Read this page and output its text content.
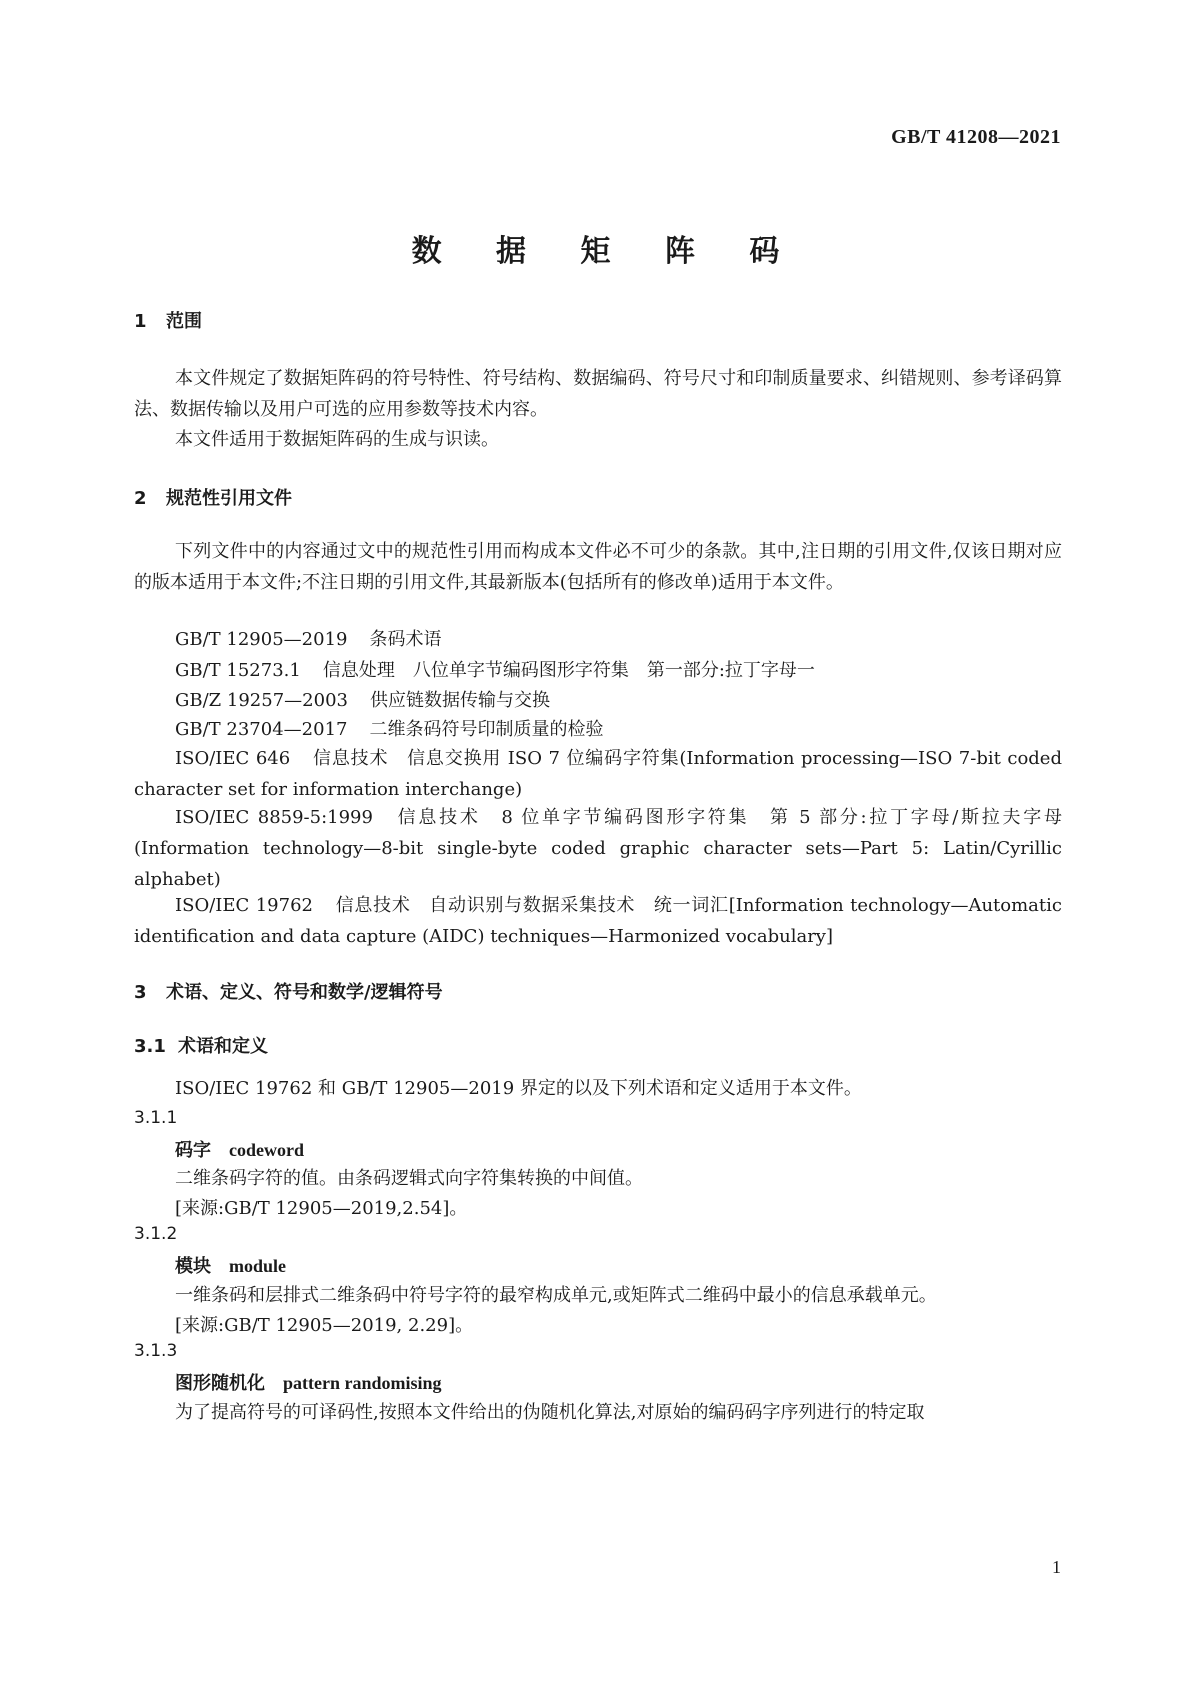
GB/T 41208—2021
数 据 矩 阵 码
1 范围
本文件规定了数据矩阵码的符号特性、符号结构、数据编码、符号尺寸和印制质量要求、纠错规则、参考译码算法、数据传输以及用户可选的应用参数等技术内容。
本文件适用于数据矩阵码的生成与识读。
2 规范性引用文件
下列文件中的内容通过文中的规范性引用而构成本文件必不可少的条款。其中,注日期的引用文件,仅该日期对应的版本适用于本文件;不注日期的引用文件,其最新版本(包括所有的修改单)适用于本文件。
GB/T 12905—2019 条码术语
GB/T 15273.1 信息处理　八位单字节编码图形字符集　第一部分:拉丁字母一
GB/Z 19257—2003 供应链数据传输与交换
GB/T 23704—2017 二维条码符号印制质量的检验
ISO/IEC 646 信息技术　信息交换用 ISO 7 位编码字符集(Information processing—ISO 7-bit coded character set for information interchange)
ISO/IEC 8859-5:1999 信息技术　8 位单字节编码图形字符集　第 5 部分:拉丁字母/斯拉夫字母(Information technology—8-bit single-byte coded graphic character sets—Part 5: Latin/Cyrillic alphabet)
ISO/IEC 19762 信息技术　自动识别与数据采集技术　统一词汇[Information technology—Automatic identification and data capture (AIDC) techniques—Harmonized vocabulary]
3 术语、定义、符号和数学/逻辑符号
3.1 术语和定义
ISO/IEC 19762 和 GB/T 12905—2019 界定的以及下列术语和定义适用于本文件。
3.1.1
码字 codeword
二维条码字符的值。由条码逻辑式向字符集转换的中间值。
[来源:GB/T 12905—2019,2.54]。
3.1.2
模块 module
一维条码和层排式二维条码中符号字符的最窄构成单元,或矩阵式二维码中最小的信息承载单元。
[来源:GB/T 12905—2019, 2.29]。
3.1.3
图形随机化 pattern randomising
为了提高符号的可译码性,按照本文件给出的伪随机化算法,对原始的编码码字序列进行的特定取
1
